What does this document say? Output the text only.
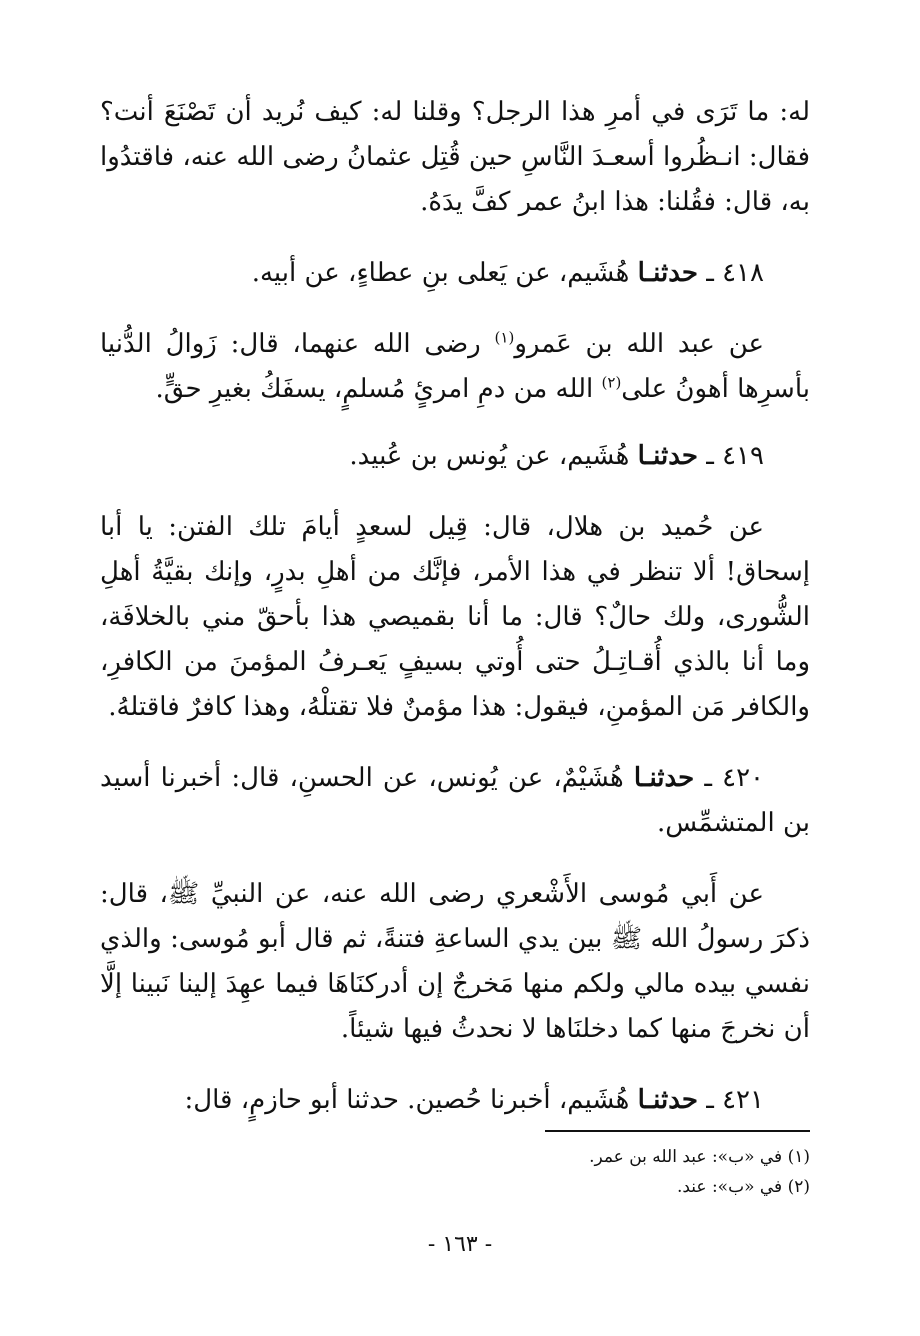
له: ما تَرَى في أمرِ هذا الرجل؟ وقلنا له: كيف نُريد أن تَصْنَعَ أنت؟ فقال: انـظُروا أسعـدَ النَّاسِ حين قُتِل عثمانُ رضى الله عنه، فاقتدُوا به، قال: فقُلنا: هذا ابنُ عمر كفَّ يدَهُ.

٤١٨ ـ حدثنـا هُشَيم، عن يَعلى بنِ عطاءٍ، عن أبيه.

عن عبد الله بن عَمرو$^{(١)}$ رضى الله عنهما، قال: زَوالُ الدُّنيا بأسرِها أهونُ على$^{(٢)}$ الله من دمِ امرئٍ مُسلمٍ، يسفَكُ بغيرِ حقٍّ.

٤١٩ ـ حدثنـا هُشَيم، عن يُونس بن عُبيد.

عن حُميد بن هلال، قال: قِيل لسعدٍ أيامَ تلك الفتن: يا أبا إسحاق! ألا تنظر في هذا الأمر، فإنَّك من أهلِ بدرٍ، وإنك بقيَّةُ أهلِ الشُّورى، ولك حالٌ؟ قال: ما أنا بقميصي هذا بأحقّ مني بالخلافَة، وما أنا بالذي أُقـاتِـلُ حتى أُوتي بسيفٍ يَعـرفُ المؤمنَ من الكافرِ، والكافر مَن المؤمنِ، فيقول: هذا مؤمنٌ فلا تقتلْهُ، وهذا كافرٌ فاقتلهُ.

٤٢٠ ـ حدثنـا هُشَيْمٌ، عن يُونس، عن الحسنِ، قال: أخبرنا أسيد بن المتشمِّس.

عن أَبي مُوسى الأَشْعري رضى الله عنه، عن النبيِّ ﷺ، قال: ذكرَ رسولُ الله ﷺ بين يدي الساعةِ فتنةً، ثم قال أبو مُوسى: والذي نفسي بيده مالي ولكم منها مَخرجٌ إن أدركنَاهَا فيما عهِدَ إلينا نَبينا إلَّا أن نخرجَ منها كما دخلنَاها لا نحدثُ فيها شيئاً.

٤٢١ ـ حدثنـا هُشَيم، أخبرنا حُصين. حدثنا أبو حازمٍ، قال:

(١) في «ب»: عبد الله بن عمر.

(٢) في «ب»: عند.

- ١٦٣ -
